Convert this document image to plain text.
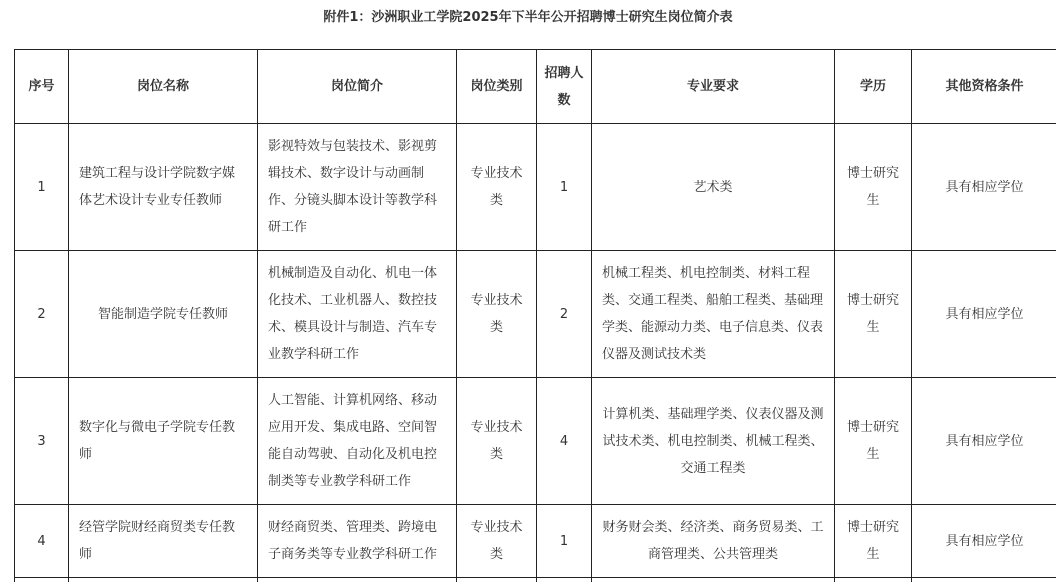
附件1：沙洲职业工学院2025年下半年公开招聘博士研究生岗位简介表
序号	岗位名称	岗位简介	岗位类别	招聘人数	专业要求	学历	其他资格条件
1	建筑工程与设计学院数字媒体艺术设计专业专任教师	影视特效与包装技术、影视剪辑技术、数字设计与动画制作、分镜头脚本设计等教学科研工作	专业技术类	1	艺术类	博士研究生	具有相应学位
2	智能制造学院专任教师	机械制造及自动化、机电一体化技术、工业机器人、数控技术、模具设计与制造、汽车专业教学科研工作	专业技术类	2	机械工程类、机电控制类、材料工程类、交通工程类、船舶工程类、基础理学类、能源动力类、电子信息类、仪表仪器及测试技术类	博士研究生	具有相应学位
3	数字化与微电子学院专任教师	人工智能、计算机网络、移动应用开发、集成电路、空间智能自动驾驶、自动化及机电控制类等专业教学科研工作	专业技术类	4	计算机类、基础理学类、仪表仪器及测试技术类、机电控制类、机械工程类、交通工程类	博士研究生	具有相应学位
4	经管学院财经商贸类专任教师	财经商贸类、管理类、跨境电子商务类等专业教学科研工作	专业技术类	1	财务财会类、经济类、商务贸易类、工商管理类、公共管理类	博士研究生	具有相应学位
